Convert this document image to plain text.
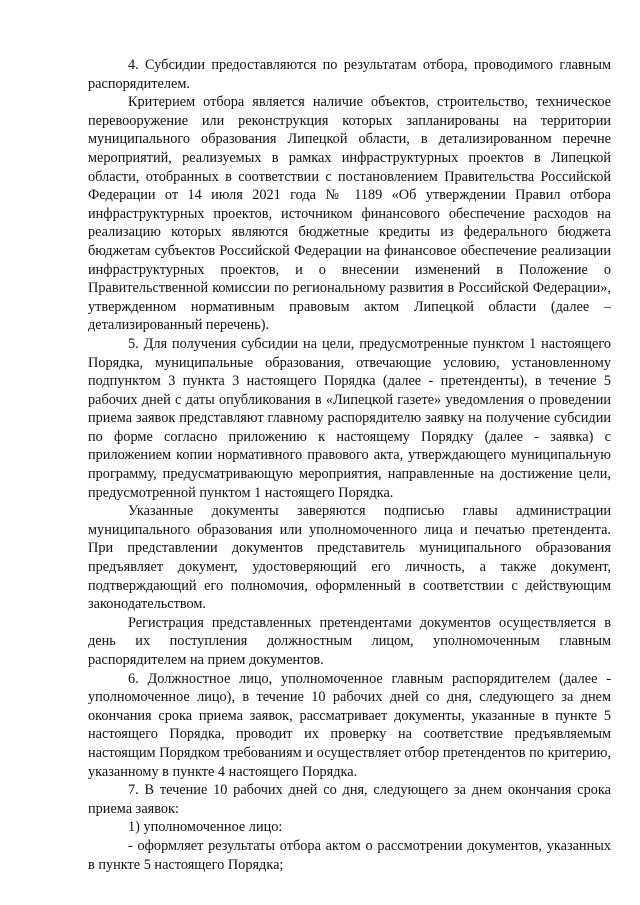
4. Субсидии предоставляются по результатам отбора, проводимого главным распорядителем.

Критерием отбора является наличие объектов, строительство, техническое перевооружение или реконструкция которых запланированы на территории муниципального образования Липецкой области, в детализированном перечне мероприятий, реализуемых в рамках инфраструктурных проектов в Липецкой области, отобранных в соответствии с постановлением Правительства Российской Федерации от 14 июля 2021 года № 1189 «Об утверждении Правил отбора инфраструктурных проектов, источником финансового обеспечение расходов на реализацию которых являются бюджетные кредиты из федерального бюджета бюджетам субъектов Российской Федерации на финансовое обеспечение реализации инфраструктурных проектов, и о внесении изменений в Положение о Правительственной комиссии по региональному развития в Российской Федерации», утвержденном нормативным правовым актом Липецкой области (далее – детализированный перечень).

5. Для получения субсидии на цели, предусмотренные пунктом 1 настоящего Порядка, муниципальные образования, отвечающие условию, установленному подпунктом 3 пункта 3 настоящего Порядка (далее - претенденты), в течение 5 рабочих дней с даты опубликования в «Липецкой газете» уведомления о проведении приема заявок представляют главному распорядителю заявку на получение субсидии по форме согласно приложению к настоящему Порядку (далее - заявка) с приложением копии нормативного правового акта, утверждающего муниципальную программу, предусматривающую мероприятия, направленные на достижение цели, предусмотренной пунктом 1 настоящего Порядка.

Указанные документы заверяются подписью главы администрации муниципального образования или уполномоченного лица и печатью претендента. При представлении документов представитель муниципального образования предъявляет документ, удостоверяющий его личность, а также документ, подтверждающий его полномочия, оформленный в соответствии с действующим законодательством.

Регистрация представленных претендентами документов осуществляется в день их поступления должностным лицом, уполномоченным главным распорядителем на прием документов.

6. Должностное лицо, уполномоченное главным распорядителем (далее - уполномоченное лицо), в течение 10 рабочих дней со дня, следующего за днем окончания срока приема заявок, рассматривает документы, указанные в пункте 5 настоящего Порядка, проводит их проверку на соответствие предъявляемым настоящим Порядком требованиям и осуществляет отбор претендентов по критерию, указанному в пункте 4 настоящего Порядка.

7. В течение 10 рабочих дней со дня, следующего за днем окончания срока приема заявок:

1) уполномоченное лицо:

- оформляет результаты отбора актом о рассмотрении документов, указанных в пункте 5 настоящего Порядка;
